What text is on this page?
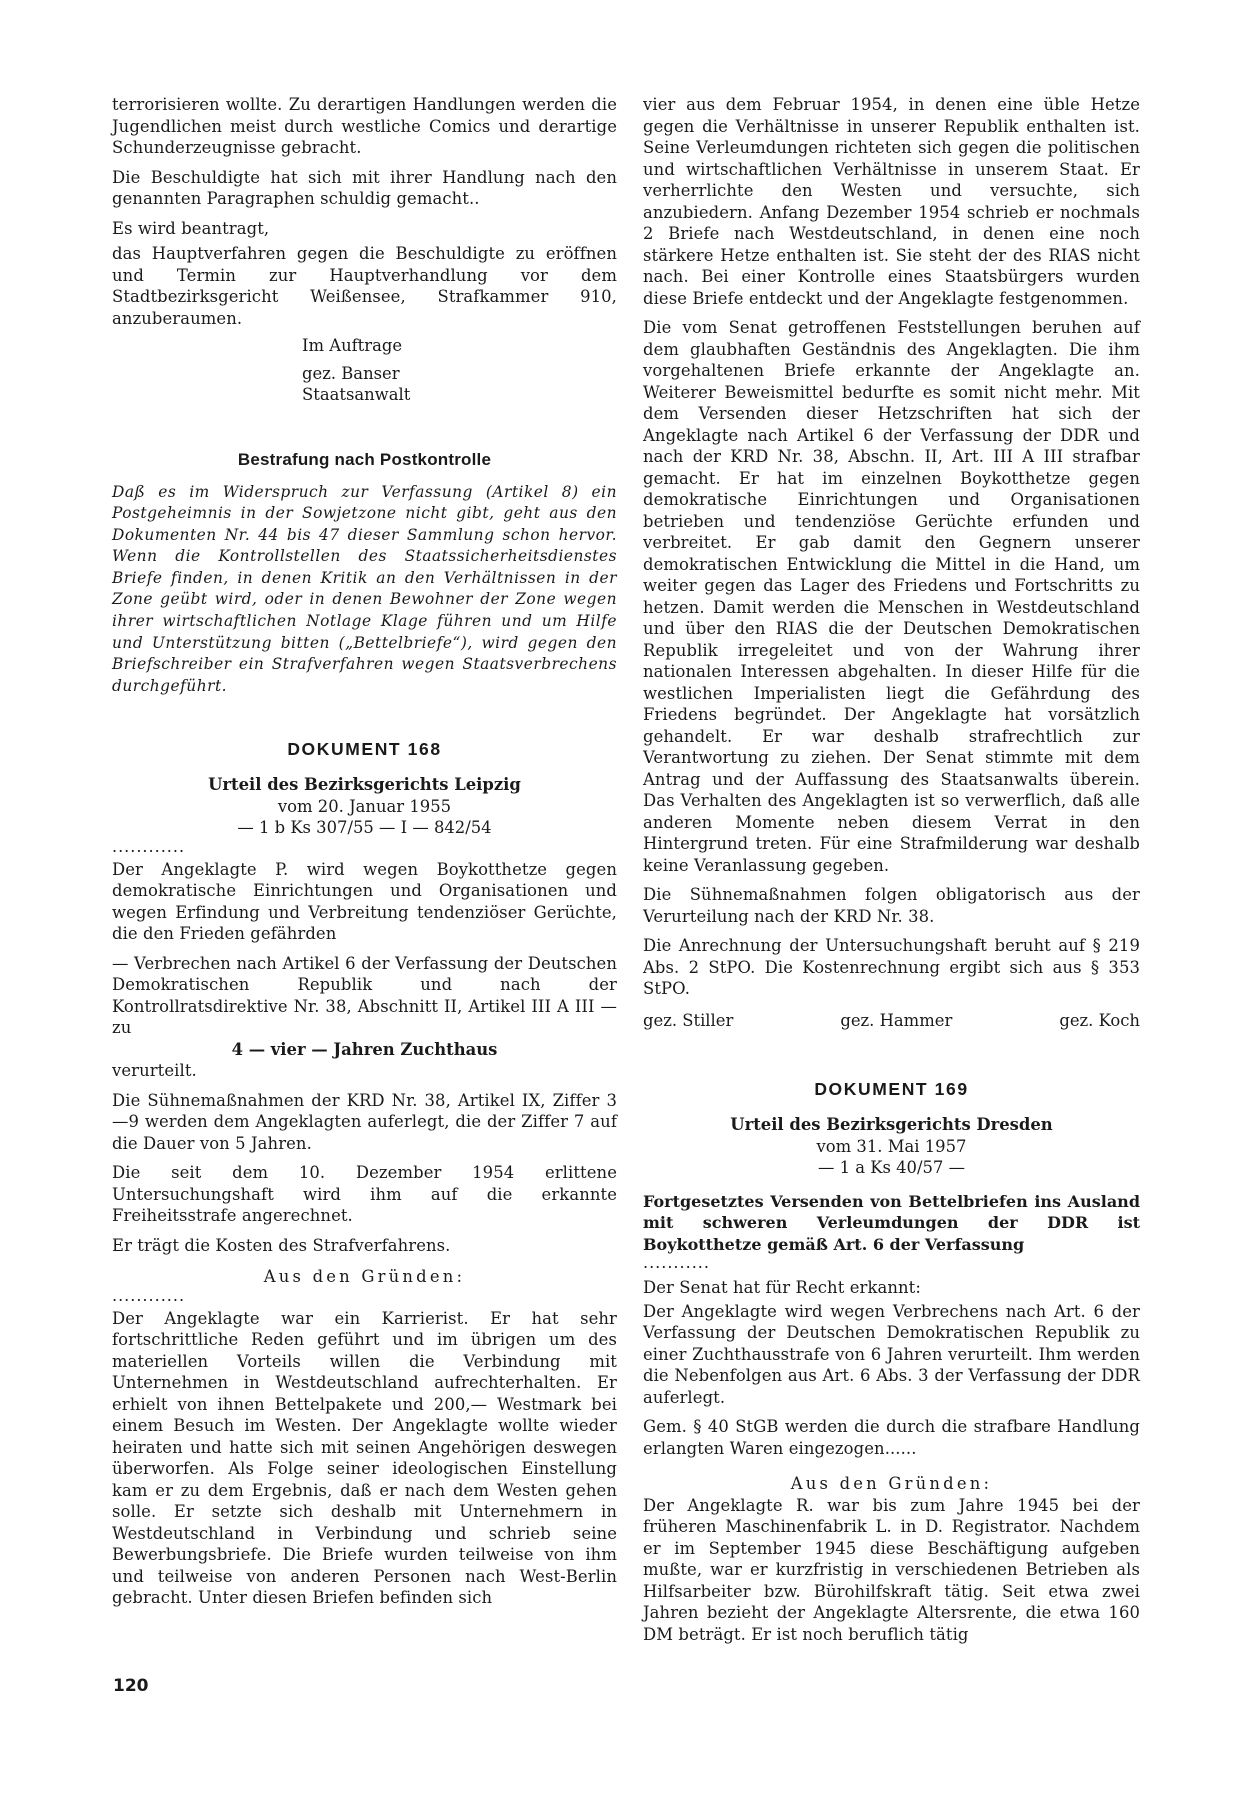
terrorisieren wollte. Zu derartigen Handlungen werden die Jugendlichen meist durch westliche Comics und derartige Schunderzeugnisse gebracht.

Die Beschuldigte hat sich mit ihrer Handlung nach den genannten Paragraphen schuldig gemacht..

Es wird beantragt,

das Hauptverfahren gegen die Beschuldigte zu eröffnen und Termin zur Hauptverhandlung vor dem Stadtbezirksgericht Weißensee, Strafkammer 910, anzuberaumen.

Im Auftrage

gez. Banser

Staatsanwalt

Bestrafung nach Postkontrolle

Daß es im Widerspruch zur Verfassung (Artikel 8) ein Postgeheimnis in der Sowjetzone nicht gibt, geht aus den Dokumenten Nr. 44 bis 47 dieser Sammlung schon hervor. Wenn die Kontrollstellen des Staatssicherheitsdienstes Briefe finden, in denen Kritik an den Verhältnissen in der Zone geübt wird, oder in denen Bewohner der Zone wegen ihrer wirtschaftlichen Notlage Klage führen und um Hilfe und Unterstützung bitten („Bettelbriefe“), wird gegen den Briefschreiber ein Strafverfahren wegen Staatsverbrechens durchgeführt.

DOKUMENT 168

Urteil des Bezirksgerichts Leipzig

vom 20. Januar 1955

— 1 b Ks 307/55 — I — 842/54

............

Der Angeklagte P. wird wegen Boykotthetze gegen demokratische Einrichtungen und Organisationen und wegen Erfindung und Verbreitung tendenziöser Gerüchte, die den Frieden gefährden

— Verbrechen nach Artikel 6 der Verfassung der Deutschen Demokratischen Republik und nach der Kontrollratsdirektive Nr. 38, Abschnitt II, Artikel III A III — zu

4 — vier — Jahren Zuchthaus

verurteilt.

Die Sühnemaßnahmen der KRD Nr. 38, Artikel IX, Ziffer 3—9 werden dem Angeklagten auferlegt, die der Ziffer 7 auf die Dauer von 5 Jahren.

Die seit dem 10. Dezember 1954 erlittene Untersuchungshaft wird ihm auf die erkannte Freiheitsstrafe angerechnet.

Er trägt die Kosten des Strafverfahrens.

Aus den Gründen:

............

Der Angeklagte war ein Karrierist. Er hat sehr fortschrittliche Reden geführt und im übrigen um des materiellen Vorteils willen die Verbindung mit Unternehmen in Westdeutschland aufrechterhalten. Er erhielt von ihnen Bettelpakete und 200,— Westmark bei einem Besuch im Westen. Der Angeklagte wollte wieder heiraten und hatte sich mit seinen Angehörigen deswegen überworfen. Als Folge seiner ideologischen Einstellung kam er zu dem Ergebnis, daß er nach dem Westen gehen solle. Er setzte sich deshalb mit Unternehmern in Westdeutschland in Verbindung und schrieb seine Bewerbungsbriefe. Die Briefe wurden teilweise von ihm und teilweise von anderen Personen nach West-Berlin gebracht. Unter diesen Briefen befinden sich

vier aus dem Februar 1954, in denen eine üble Hetze gegen die Verhältnisse in unserer Republik enthalten ist. Seine Verleumdungen richteten sich gegen die politischen und wirtschaftlichen Verhältnisse in unserem Staat. Er verherrlichte den Westen und versuchte, sich anzubiedern. Anfang Dezember 1954 schrieb er nochmals 2 Briefe nach Westdeutschland, in denen eine noch stärkere Hetze enthalten ist. Sie steht der des RIAS nicht nach. Bei einer Kontrolle eines Staatsbürgers wurden diese Briefe entdeckt und der Angeklagte festgenommen.

Die vom Senat getroffenen Feststellungen beruhen auf dem glaubhaften Geständnis des Angeklagten. Die ihm vorgehaltenen Briefe erkannte der Angeklagte an. Weiterer Beweismittel bedurfte es somit nicht mehr. Mit dem Versenden dieser Hetzschriften hat sich der Angeklagte nach Artikel 6 der Verfassung der DDR und nach der KRD Nr. 38, Abschn. II, Art. III A III strafbar gemacht. Er hat im einzelnen Boykotthetze gegen demokratische Einrichtungen und Organisationen betrieben und tendenziöse Gerüchte erfunden und verbreitet. Er gab damit den Gegnern unserer demokratischen Entwicklung die Mittel in die Hand, um weiter gegen das Lager des Friedens und Fortschritts zu hetzen. Damit werden die Menschen in Westdeutschland und über den RIAS die der Deutschen Demokratischen Republik irregeleitet und von der Wahrung ihrer nationalen Interessen abgehalten. In dieser Hilfe für die westlichen Imperialisten liegt die Gefährdung des Friedens begründet. Der Angeklagte hat vorsätzlich gehandelt. Er war deshalb strafrechtlich zur Verantwortung zu ziehen. Der Senat stimmte mit dem Antrag und der Auffassung des Staatsanwalts überein. Das Verhalten des Angeklagten ist so verwerflich, daß alle anderen Momente neben diesem Verrat in den Hintergrund treten. Für eine Strafmilderung war deshalb keine Veranlassung gegeben.

Die Sühnemaßnahmen folgen obligatorisch aus der Verurteilung nach der KRD Nr. 38.

Die Anrechnung der Untersuchungshaft beruht auf § 219 Abs. 2 StPO. Die Kostenrechnung ergibt sich aus § 353 StPO.

gez. Stiller	gez. Hammer	gez. Koch

DOKUMENT 169

Urteil des Bezirksgerichts Dresden

vom 31. Mai 1957

— 1 a Ks 40/57 —

Fortgesetztes Versenden von Bettelbriefen ins Ausland mit schweren Verleumdungen der DDR ist Boykotthetze gemäß Art. 6 der Verfassung

...........

Der Senat hat für Recht erkannt:

Der Angeklagte wird wegen Verbrechens nach Art. 6 der Verfassung der Deutschen Demokratischen Republik zu einer Zuchthausstrafe von 6 Jahren verurteilt. Ihm werden die Nebenfolgen aus Art. 6 Abs. 3 der Verfassung der DDR auferlegt.

Gem. § 40 StGB werden die durch die strafbare Handlung erlangten Waren eingezogen......

Aus den Gründen:

Der Angeklagte R. war bis zum Jahre 1945 bei der früheren Maschinenfabrik L. in D. Registrator. Nachdem er im September 1945 diese Beschäftigung aufgeben mußte, war er kurzfristig in verschiedenen Betrieben als Hilfsarbeiter bzw. Bürohilfskraft tätig. Seit etwa zwei Jahren bezieht der Angeklagte Altersrente, die etwa 160 DM beträgt. Er ist noch beruflich tätig

120
